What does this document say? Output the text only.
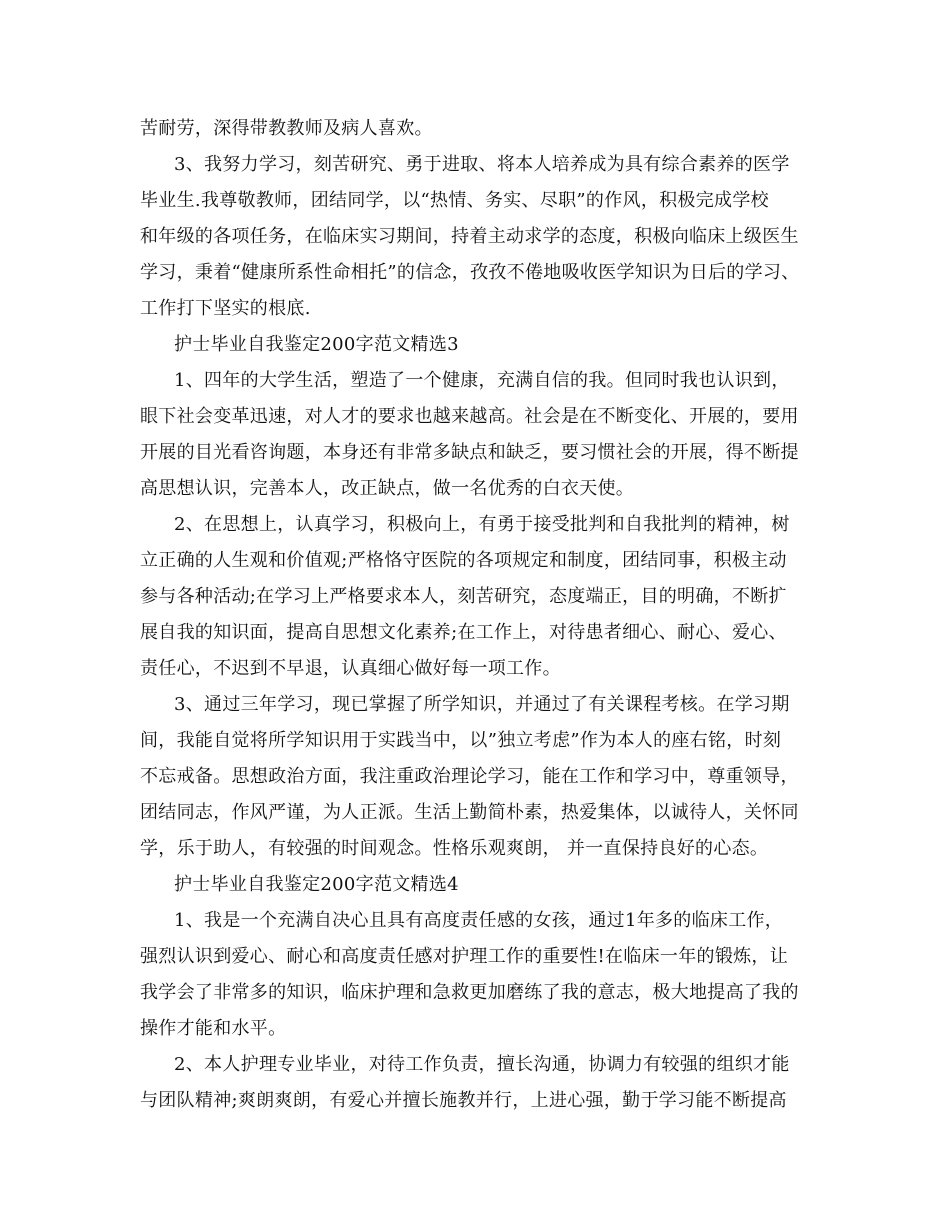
苦耐劳，深得带教教师及病人喜欢。
3、我努力学习，刻苦研究、勇于进取、将本人培养成为具有综合素养的医学
毕业生.我尊敬教师，团结同学，以“热情、务实、尽职”的作风，积极完成学校
和年级的各项任务，在临床实习期间，持着主动求学的态度，积极向临床上级医生
学习，秉着“健康所系性命相托”的信念，孜孜不倦地吸收医学知识为日后的学习、
工作打下坚实的根底.
护士毕业自我鉴定200字范文精选3
1、四年的大学生活，塑造了一个健康，充满自信的我。但同时我也认识到，
眼下社会变革迅速，对人才的要求也越来越高。社会是在不断变化、开展的，要用
开展的目光看咨询题，本身还有非常多缺点和缺乏，要习惯社会的开展，得不断提
高思想认识，完善本人，改正缺点，做一名优秀的白衣天使。
2、在思想上，认真学习，积极向上，有勇于接受批判和自我批判的精神，树
立正确的人生观和价值观;严格恪守医院的各项规定和制度，团结同事，积极主动
参与各种活动;在学习上严格要求本人，刻苦研究，态度端正，目的明确，不断扩
展自我的知识面，提高自思想文化素养;在工作上，对待患者细心、耐心、爱心、
责任心，不迟到不早退，认真细心做好每一项工作。
3、通过三年学习，现已掌握了所学知识，并通过了有关课程考核。在学习期
间，我能自觉将所学知识用于实践当中，以”独立考虑”作为本人的座右铭，时刻
不忘戒备。思想政治方面，我注重政治理论学习，能在工作和学习中，尊重领导，
团结同志，作风严谨，为人正派。生活上勤简朴素，热爱集体，以诚待人，关怀同
学，乐于助人，有较强的时间观念。性格乐观爽朗， 并一直保持良好的心态。
护士毕业自我鉴定200字范文精选4
1、我是一个充满自决心且具有高度责任感的女孩，通过1年多的临床工作，
强烈认识到爱心、耐心和高度责任感对护理工作的重要性!在临床一年的锻炼，让
我学会了非常多的知识，临床护理和急救更加磨练了我的意志，极大地提高了我的
操作才能和水平。
2、本人护理专业毕业，对待工作负责，擅长沟通，协调力有较强的组织才能
与团队精神;爽朗爽朗，有爱心并擅长施教并行，上进心强，勤于学习能不断提高
